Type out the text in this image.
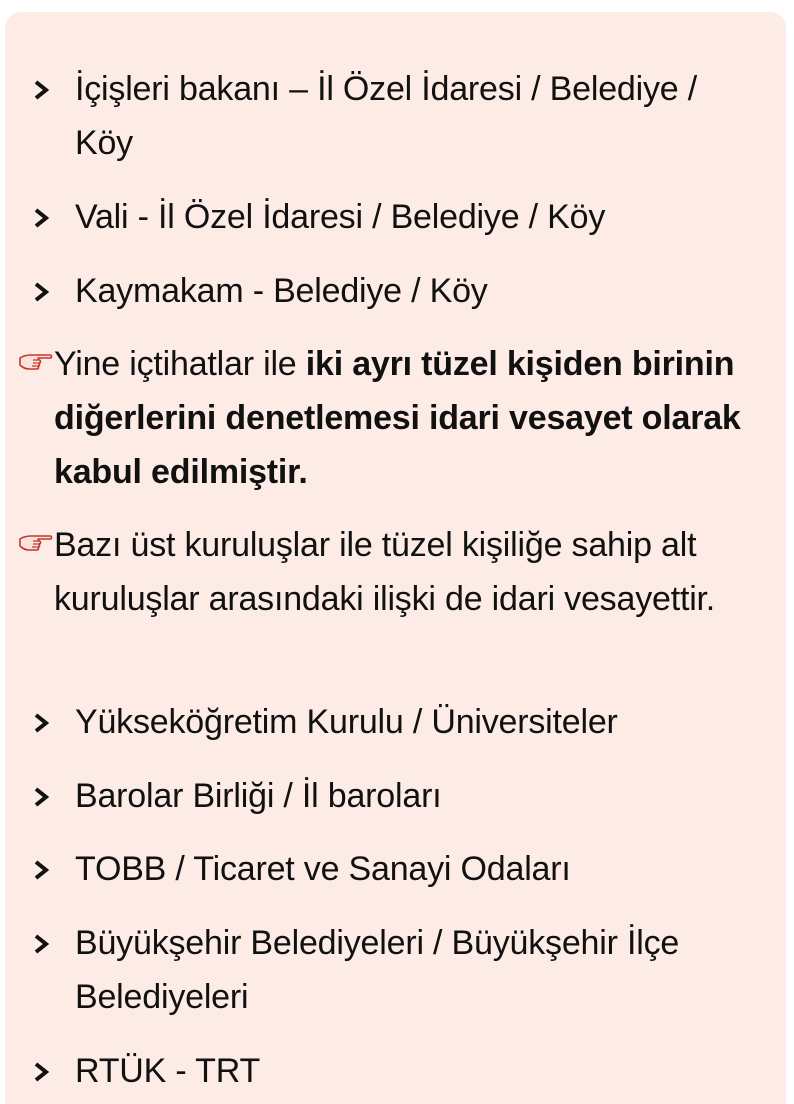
İçişleri bakanı – İl Özel İdaresi / Belediye / Köy
Vali - İl Özel İdaresi / Belediye / Köy
Kaymakam - Belediye / Köy
Yine içtihatlar ile iki ayrı tüzel kişiden birinin diğerlerini denetlemesi idari vesayet olarak kabul edilmiştir.
Bazı üst kuruluşlar ile tüzel kişiliğe sahip alt kuruluşlar arasındaki ilişki de idari vesayettir.
Yükseköğretim Kurulu / Üniversiteler
Barolar Birliği / İl baroları
TOBB / Ticaret ve Sanayi Odaları
Büyükşehir Belediyeleri / Büyükşehir İlçe Belediyeleri
RTÜK - TRT
